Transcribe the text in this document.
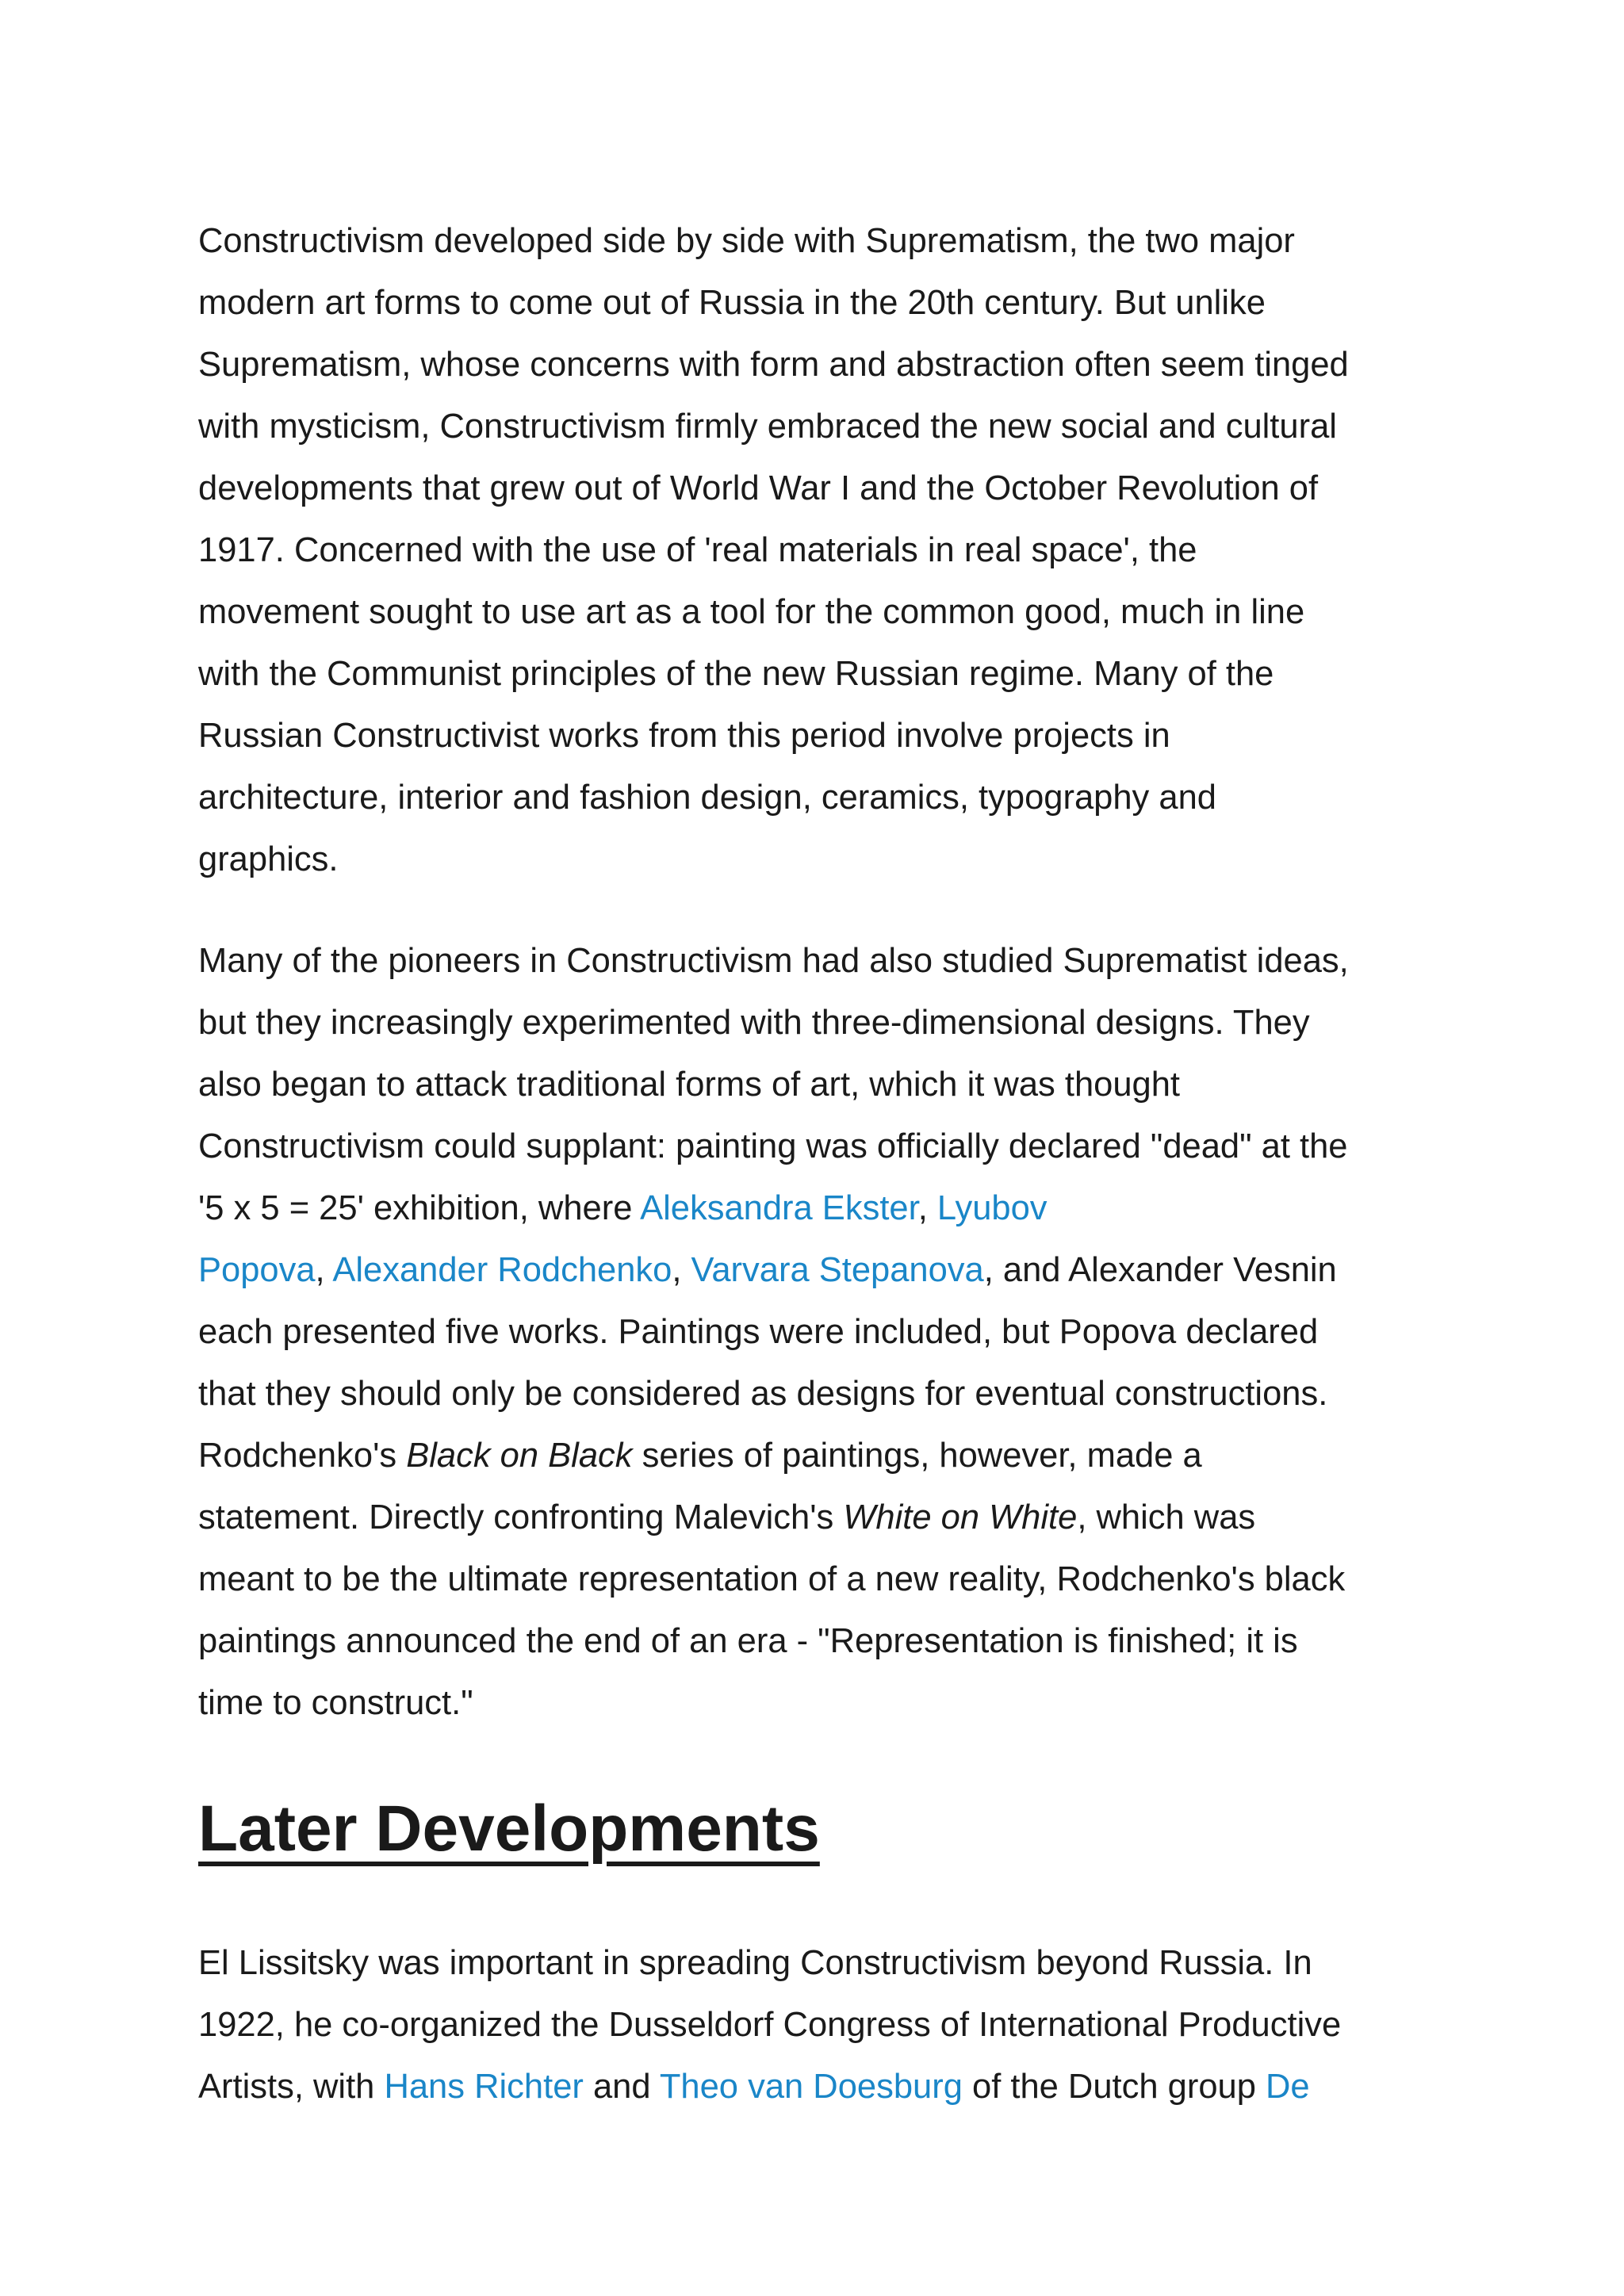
Constructivism developed side by side with Suprematism, the two major
modern art forms to come out of Russia in the 20th century. But unlike
Suprematism, whose concerns with form and abstraction often seem tinged
with mysticism, Constructivism firmly embraced the new social and cultural
developments that grew out of World War I and the October Revolution of
1917. Concerned with the use of 'real materials in real space', the
movement sought to use art as a tool for the common good, much in line
with the Communist principles of the new Russian regime. Many of the
Russian Constructivist works from this period involve projects in
architecture, interior and fashion design, ceramics, typography and
graphics.

Many of the pioneers in Constructivism had also studied Suprematist ideas,
but they increasingly experimented with three-dimensional designs. They
also began to attack traditional forms of art, which it was thought
Constructivism could supplant: painting was officially declared "dead" at the
'5 x 5 = 25' exhibition, where Aleksandra Ekster, Lyubov
Popova, Alexander Rodchenko, Varvara Stepanova, and Alexander Vesnin
each presented five works. Paintings were included, but Popova declared
that they should only be considered as designs for eventual constructions.
Rodchenko's Black on Black series of paintings, however, made a
statement. Directly confronting Malevich's White on White, which was
meant to be the ultimate representation of a new reality, Rodchenko's black
paintings announced the end of an era - "Representation is finished; it is
time to construct."

Later Developments

El Lissitsky was important in spreading Constructivism beyond Russia. In
1922, he co-organized the Dusseldorf Congress of International Productive
Artists, with Hans Richter and Theo van Doesburg of the Dutch group De
